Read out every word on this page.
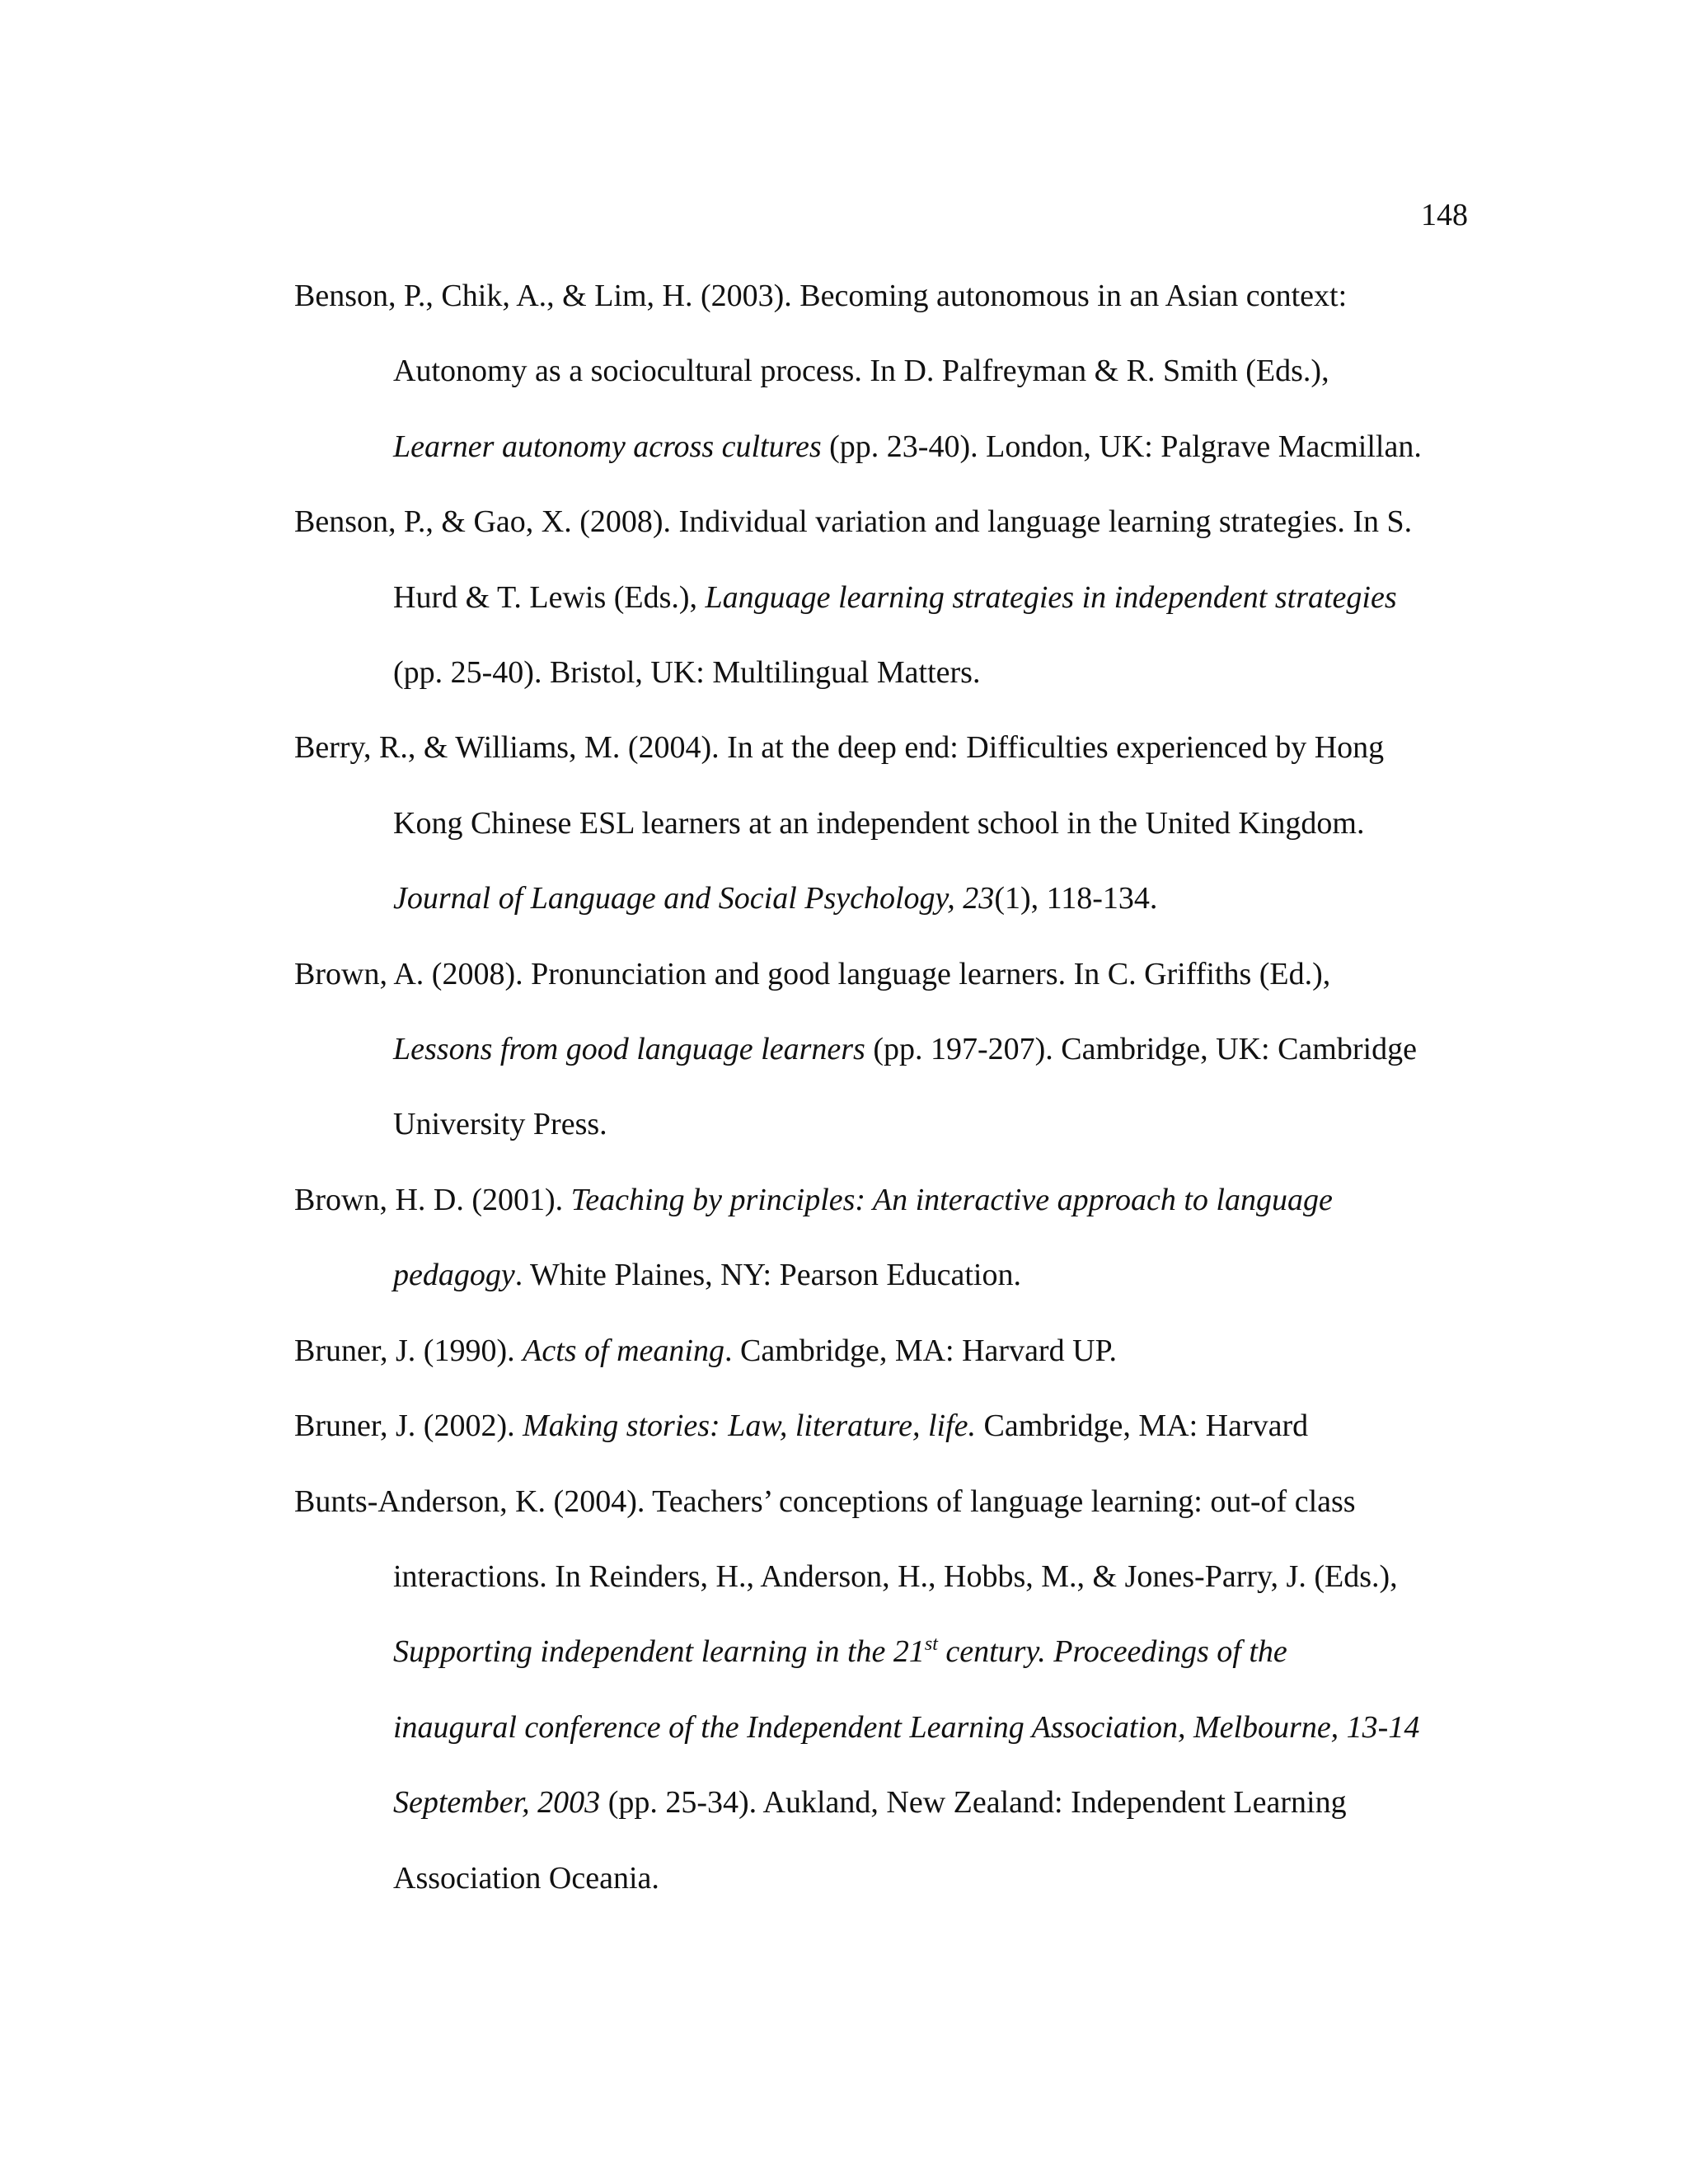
148
Benson, P., Chik, A., & Lim, H. (2003). Becoming autonomous in an Asian context:
Autonomy as a sociocultural process. In D. Palfreyman & R. Smith (Eds.),
Learner autonomy across cultures (pp. 23-40). London, UK: Palgrave Macmillan.
Benson, P., & Gao, X. (2008). Individual variation and language learning strategies. In S.
Hurd & T. Lewis (Eds.), Language learning strategies in independent strategies
(pp. 25-40). Bristol, UK: Multilingual Matters.
Berry, R., & Williams, M. (2004). In at the deep end: Difficulties experienced by Hong
Kong Chinese ESL learners at an independent school in the United Kingdom.
Journal of Language and Social Psychology, 23(1), 118-134.
Brown, A. (2008). Pronunciation and good language learners. In C. Griffiths (Ed.),
Lessons from good language learners (pp. 197-207). Cambridge, UK: Cambridge
University Press.
Brown, H. D. (2001). Teaching by principles: An interactive approach to language
pedagogy. White Plaines, NY: Pearson Education.
Bruner, J. (1990). Acts of meaning. Cambridge, MA: Harvard UP.
Bruner, J. (2002). Making stories: Law, literature, life. Cambridge, MA: Harvard
Bunts-Anderson, K. (2004). Teachers’ conceptions of language learning: out-of class
interactions. In Reinders, H., Anderson, H., Hobbs, M., & Jones-Parry, J. (Eds.),
Supporting independent learning in the 21st century. Proceedings of the
inaugural conference of the Independent Learning Association, Melbourne, 13-14
September, 2003 (pp. 25-34). Aukland, New Zealand: Independent Learning
Association Oceania.
